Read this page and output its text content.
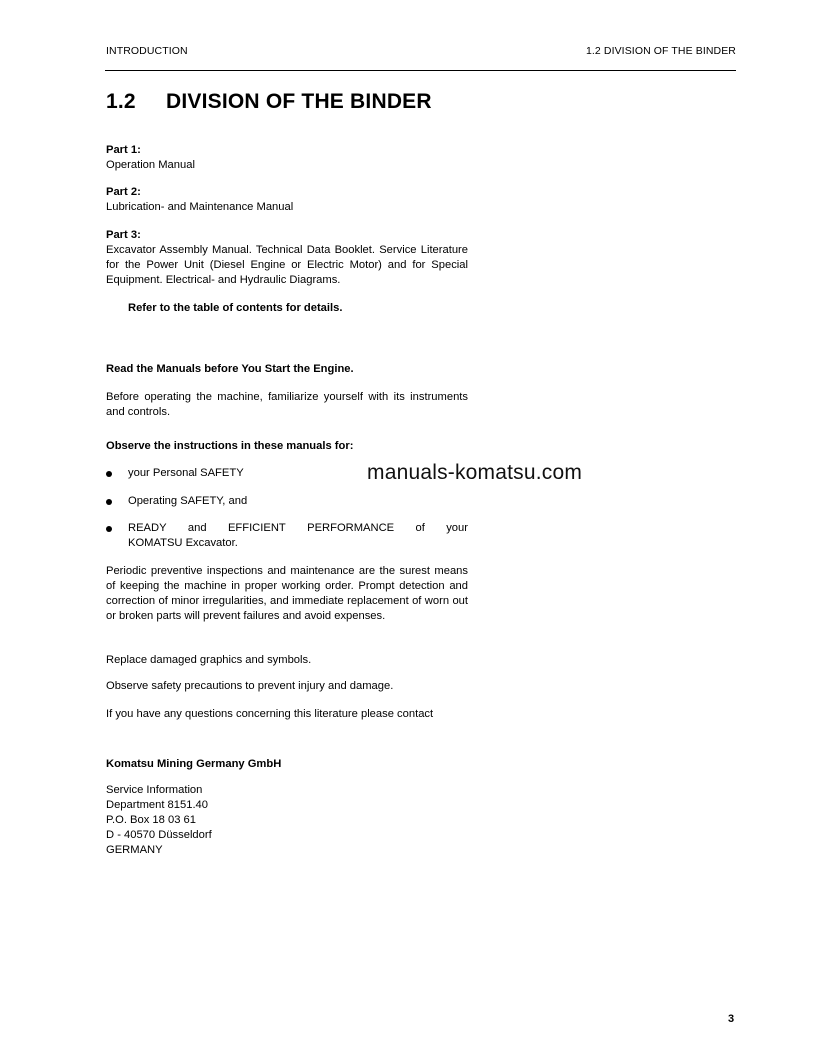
INTRODUCTION	1.2 DIVISION OF THE BINDER
1.2 DIVISION OF THE BINDER

Part 1:

Operation Manual

Part 2:

Lubrication- and Maintenance Manual

Part 3:

Excavator Assembly Manual. Technical Data Booklet. Service Literature for the Power Unit (Diesel Engine or Electric Motor) and for Special Equipment. Electrical- and Hydraulic Diagrams.

Refer to the table of contents for details.
Read the Manuals before You Start the Engine.
Before operating the machine, familiarize yourself with its instruments and controls.
Observe the instructions in these manuals for:
your Personal SAFETY
Operating SAFETY, and
READY and EFFICIENT PERFORMANCE of your
KOMATSU Excavator.
manuals-komatsu.com
Periodic preventive inspections and maintenance are the surest means of keeping the machine in proper working order. Prompt detection and correction of minor irregularities, and immediate replacement of worn out or broken parts will prevent failures and avoid expenses.
Replace damaged graphics and symbols.
Observe safety precautions to prevent injury and damage.
If you have any questions concerning this literature please contact
Komatsu Mining Germany GmbH

Service Information

Department 8151.40

P.O. Box 18 03 61

D - 40570 Düsseldorf

GERMANY

3
